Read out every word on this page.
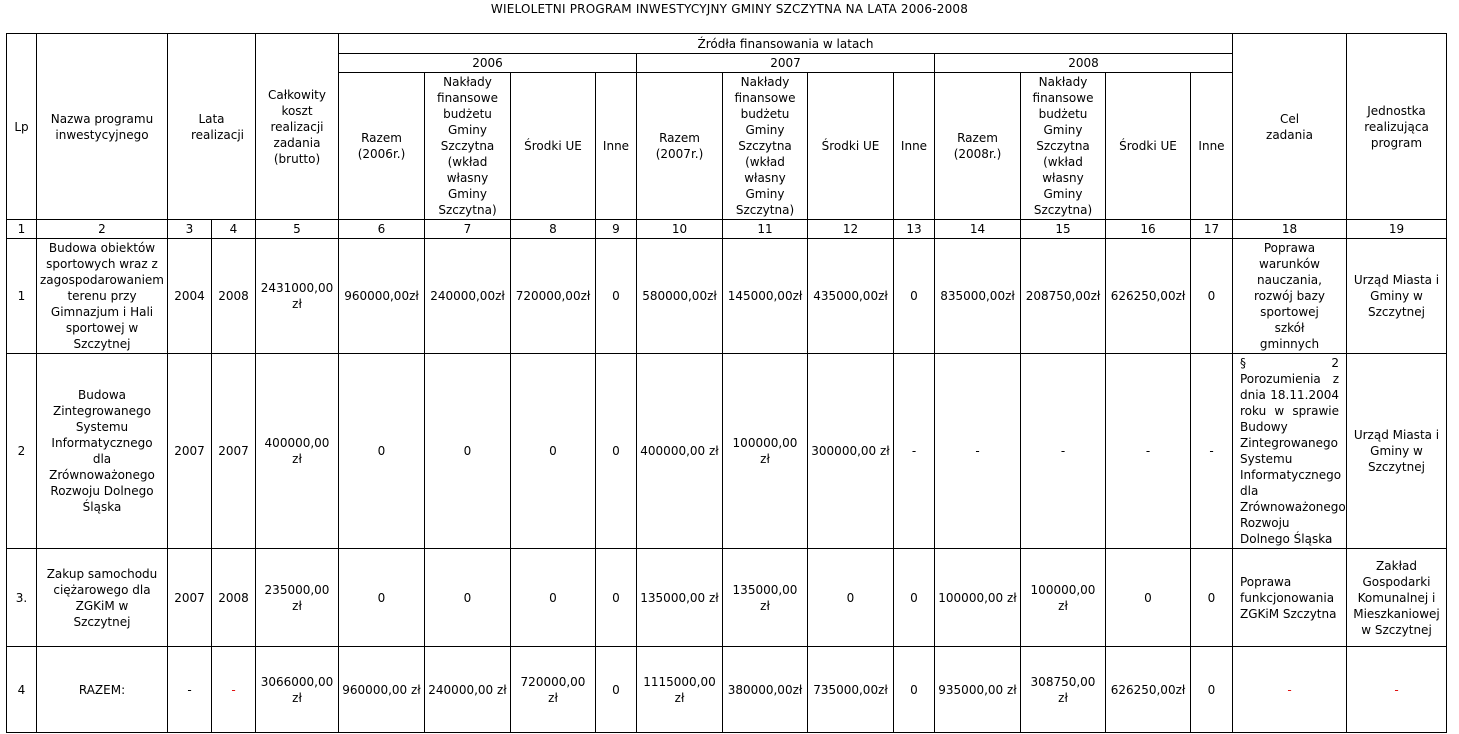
WIELOLETNI PROGRAM INWESTYCYJNY GMINY SZCZYTNA NA LATA 2006-2008
Lp	Nazwa programu inwestycyjnego	Lata realizacji		Całkowity koszt realizacji zadania (brutto)	Źródła finansowania w latach												Cel zadania	Jednostka realizująca program
					2006				2007				2008					

					Razem (2006r.)	Nakłady finansowe budżetu Gminy Szczytna (wkład własny Gminy Szczytna)	Środki UE	Inne	Razem (2007r.)	Nakłady finansowe budżetu Gminy Szczytna (wkład własny Gminy Szczytna)	Środki UE	Inne	Razem (2008r.)	Nakłady finansowe budżetu Gminy Szczytna (wkład własny Gminy Szczytna)	Środki UE	Inne		
1	2	3	4	5	6	7	8	9	10	11	12	13	14	15	16	17	18	19
1	Budowa obiektów sportowych wraz z zagospodarowaniem terenu przy Gimnazjum i Hali sportowej w Szczytnej	2004	2008	2431000,00 zł	960000,00zł	240000,00zł	720000,00zł	0	580000,00zł	145000,00zł	435000,00zł	0	835000,00zł	208750,00zł	626250,00zł	0	Poprawa warunków nauczania, rozwój bazy sportowej szkół gminnych	Urząd Miasta i Gminy w Szczytnej

2	Budowa Zintegrowanego Systemu Informatycznego dla Zrównoważonego Rozwoju Dolnego Śląska	2007	2007	400000,00 zł	0	0	0	0	400000,00 zł	100000,00 zł	300000,00 zł	-	-	-	-	-	§ 2 Porozumienia z dnia 18.11.2004 roku w sprawie Budowy Zintegrowanego Systemu Informatycznego dla Zrównoważonego Rozwoju Dolnego Śląska	Urząd Miasta i Gminy w Szczytnej

3.	Zakup samochodu ciężarowego dla ZGKiM w Szczytnej	2007	2008	235000,00 zł	0	0	0	0	135000,00 zł	135000,00 zł	0	0	100000,00 zł	100000,00 zł	0	0	Poprawa funkcjonowania ZGKiM Szczytna	Zakład Gospodarki Komunalnej i Mieszkaniowej w Szczytnej
4	RAZEM:	-	-	3066000,00 zł	960000,00 zł	240000,00 zł	720000,00 zł	0	1115000,00 zł	380000,00zł	735000,00zł	0	935000,00 zł	308750,00 zł	626250,00zł	0	-	-
